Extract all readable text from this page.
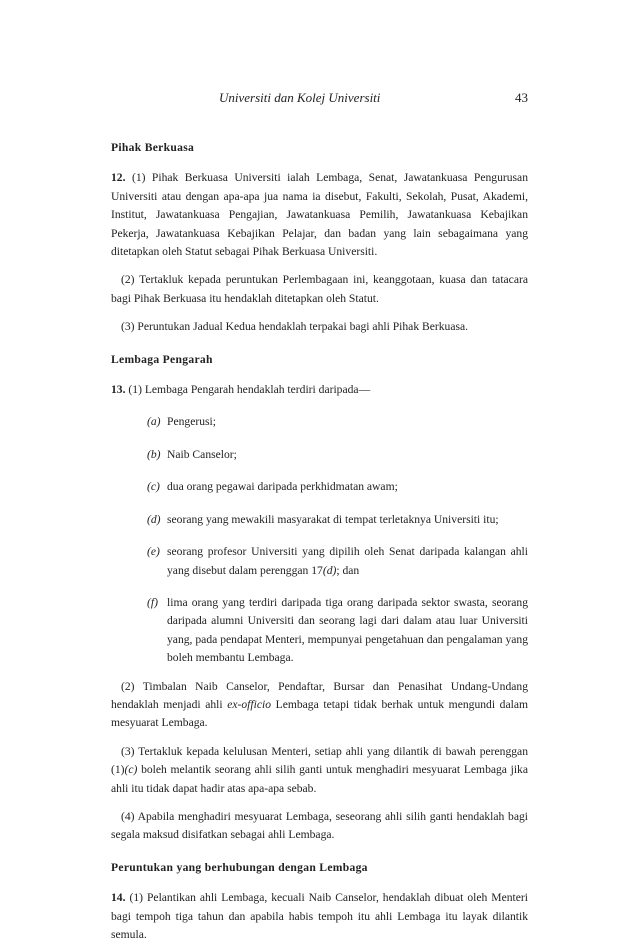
Universiti dan Kolej Universiti	43

Pihak Berkuasa

12. (1) Pihak Berkuasa Universiti ialah Lembaga, Senat, Jawatankuasa Pengurusan Universiti atau dengan apa-apa jua nama ia disebut, Fakulti, Sekolah, Pusat, Akademi, Institut, Jawatankuasa Pengajian, Jawatankuasa Pemilih, Jawatankuasa Kebajikan Pekerja, Jawatankuasa Kebajikan Pelajar, dan badan yang lain sebagaimana yang ditetapkan oleh Statut sebagai Pihak Berkuasa Universiti.

(2) Tertakluk kepada peruntukan Perlembagaan ini, keanggotaan, kuasa dan tatacara bagi Pihak Berkuasa itu hendaklah ditetapkan oleh Statut.

(3) Peruntukan Jadual Kedua hendaklah terpakai bagi ahli Pihak Berkuasa.

Lembaga Pengarah

13. (1) Lembaga Pengarah hendaklah terdiri daripada—

(a) Pengerusi;

(b) Naib Canselor;

(c) dua orang pegawai daripada perkhidmatan awam;

(d) seorang yang mewakili masyarakat di tempat terletaknya Universiti itu;

(e) seorang profesor Universiti yang dipilih oleh Senat daripada kalangan ahli yang disebut dalam perenggan 17(d); dan

(f) lima orang yang terdiri daripada tiga orang daripada sektor swasta, seorang daripada alumni Universiti dan seorang lagi dari dalam atau luar Universiti yang, pada pendapat Menteri, mempunyai pengetahuan dan pengalaman yang boleh membantu Lembaga.

(2) Timbalan Naib Canselor, Pendaftar, Bursar dan Penasihat Undang-Undang hendaklah menjadi ahli ex-officio Lembaga tetapi tidak berhak untuk mengundi dalam mesyuarat Lembaga.

(3) Tertakluk kepada kelulusan Menteri, setiap ahli yang dilantik di bawah perenggan (1)(c) boleh melantik seorang ahli silih ganti untuk menghadiri mesyuarat Lembaga jika ahli itu tidak dapat hadir atas apa-apa sebab.

(4) Apabila menghadiri mesyuarat Lembaga, seseorang ahli silih ganti hendaklah bagi segala maksud disifatkan sebagai ahli Lembaga.

Peruntukan yang berhubungan dengan Lembaga

14. (1) Pelantikan ahli Lembaga, kecuali Naib Canselor, hendaklah dibuat oleh Menteri bagi tempoh tiga tahun dan apabila habis tempoh itu ahli Lembaga itu layak dilantik semula.
